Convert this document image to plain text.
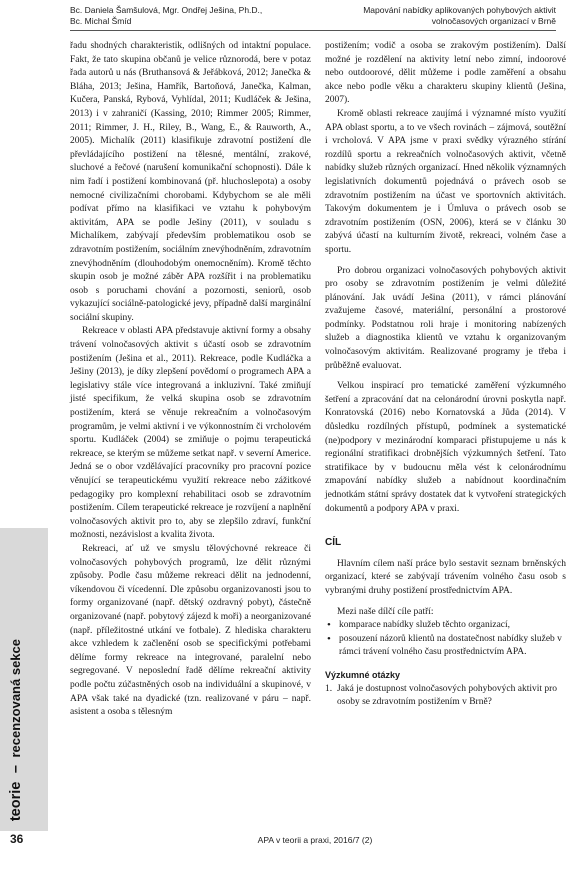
Bc. Daniela Šamšulová, Mgr. Ondřej Ješina, Ph.D.,
Bc. Michal Šmíd
Mapování nabídky aplikovaných pohybových aktivit
volnočasových organizací v Brně
teorie – recenzovaná sekce

řadu shodných charakteristik, odlišných od intaktní populace. Fakt, že tato skupina občanů je velice různorodá, bere v potaz řada autorů u nás (Bruthansová & Jeřábková, 2012; Janečka & Bláha, 2013; Ješina, Hamřík, Bartoňová, Janečka, Kalman, Kučera, Panská, Rybová, Vyhlídal, 2011; Kudláček & Ješina, 2013) i v zahraničí (Kassing, 2010; Rimmer 2005; Rimmer, 2011; Rimmer, J. H., Riley, B., Wang, E., & Rauworth, A., 2005). Michalík (2011) klasifikuje zdravotní postižení dle převládajícího postižení na tělesné, mentální, zrakové, sluchové a řečové (narušení komunikační schopnosti). Dále k nim řadí i postižení kombinovaná (př. hluchoslepota) a osoby nemocné civilizačními chorobami. Kdybychom se ale měli podívat přímo na klasifikaci ve vztahu k pohybovým aktivitám, APA se podle Ješiny (2011), v souladu s Michalíkem, zabývají především problematikou osob se zdravotním postižením, sociálním znevýhodněním, zdravotním znevýhodněním (dlouhodobým onemocněním). Kromě těchto skupin osob je možné záběr APA rozšířit i na problematiku osob s poruchami chování a pozornosti, seniorů, osob vykazující sociálně-patologické jevy, případně další marginální sociální skupiny.

Rekreace v oblasti APA představuje aktivní formy a obsahy trávení volnočasových aktivit s účastí osob se zdravotním postižením (Ješina et al., 2011). Rekreace, podle Kudláčka a Ješiny (2013), je díky zlepšení povědomí o programech APA a legislativy stále více integrovaná a inkluzivní. Také zmiňují jisté specifikum, že velká skupina osob se zdravotním postižením, která se věnuje rekreačním a volnočasovým programům, je velmi aktivní i ve výkonnostním či vrcholovém sportu. Kudláček (2004) se zmiňuje o pojmu terapeutická rekreace, se kterým se můžeme setkat např. v severní Americe. Jedná se o obor vzdělávající pracovníky pro pracovní pozice věnující se terapeutickému využití rekreace nebo zážitkové pedagogiky pro komplexní rehabilitaci osob se zdravotním postižením. Cílem terapeutické rekreace je rozvíjení a naplnění volnočasových aktivit pro to, aby se zlepšilo zdraví, funkční možnosti, nezávislost a kvalita života.

Rekreaci, ať už ve smyslu tělovýchovné rekreace či volnočasových pohybových programů, lze dělit různými způsoby. Podle času můžeme rekreaci dělit na jednodenní, víkendovou či vícedenní. Dle způsobu organizovanosti jsou to formy organizované (např. dětský ozdravný pobyt), částečně organizované (např. pobytový zájezd k moři) a neorganizované (např. příležitostné utkání ve fotbale). Z hlediska charakteru akce vzhledem k začlenění osob se specifickými potřebami dělíme formy rekreace na integrované, paralelní nebo segregované. V neposlední řadě dělíme rekreační aktivity podle počtu zúčastněných osob na individuální a skupinové, v APA však také na dyadické (tzn. realizované v páru – např. asistent a osoba s tělesným

postižením; vodič a osoba se zrakovým postižením). Další možné je rozdělení na aktivity letní nebo zimní, indoorové nebo outdoorové, dělit můžeme i podle zaměření a obsahu akce nebo podle věku a charakteru skupiny klientů (Ješina, 2007).

Kromě oblasti rekreace zaujímá i významné místo využití APA oblast sportu, a to ve všech rovinách – zájmová, soutěžní i vrcholová. V APA jsme v praxi svědky výrazného stírání rozdílů sportu a rekreačních volnočasových aktivit, včetně nabídky služeb různých organizací. Hned několik významných legislativních dokumentů pojednává o právech osob se zdravotním postižením na účast ve sportovních aktivitách. Takovým dokumentem je i Úmluva o právech osob se zdravotním postižením (OSN, 2006), která se v článku 30 zabývá účastí na kulturním životě, rekreaci, volném čase a sportu.

Pro dobrou organizaci volnočasových pohybových aktivit pro osoby se zdravotním postižením je velmi důležité plánování. Jak uvádí Ješina (2011), v rámci plánování zvažujeme časové, materiální, personální a prostorové podmínky. Podstatnou roli hraje i monitoring nabízených služeb a diagnostika klientů ve vztahu k organizovaným volnočasovým aktivitám. Realizované programy je třeba i průběžně evaluovat.

Velkou inspirací pro tematické zaměření výzkumného šetření a zpracování dat na celonárodní úrovni poskytla např. Konratovská (2016) nebo Kornatovská a Jůda (2014). V důsledku rozdílných přístupů, podmínek a systematické (ne)podpory v mezinárodní komparaci přistupujeme u nás k regionální stratifikaci drobnějších výzkumných šetření. Tato stratifikace by v budoucnu měla vést k celonárodnímu zmapování nabídky služeb a nabídnout koordinačním jednotkám státní správy dostatek dat k vytvoření strategických dokumentů a podpory APA v praxi.

CÍL

Hlavním cílem naší práce bylo sestavit seznam brněnských organizací, které se zabývají trávením volného času osob s vybranými druhy postižení prostřednictvím APA.

Mezi naše dílčí cíle patří:

• komparace nabídky služeb těchto organizací,
• posouzení názorů klientů na dostatečnost nabídky služeb v rámci trávení volného času prostřednictvím APA.
Výzkumné otázky
1. Jaká je dostupnost volnočasových pohybových aktivit pro osoby se zdravotním postižením v Brně?
36	APA v teorii a praxi, 2016/7 (2)
